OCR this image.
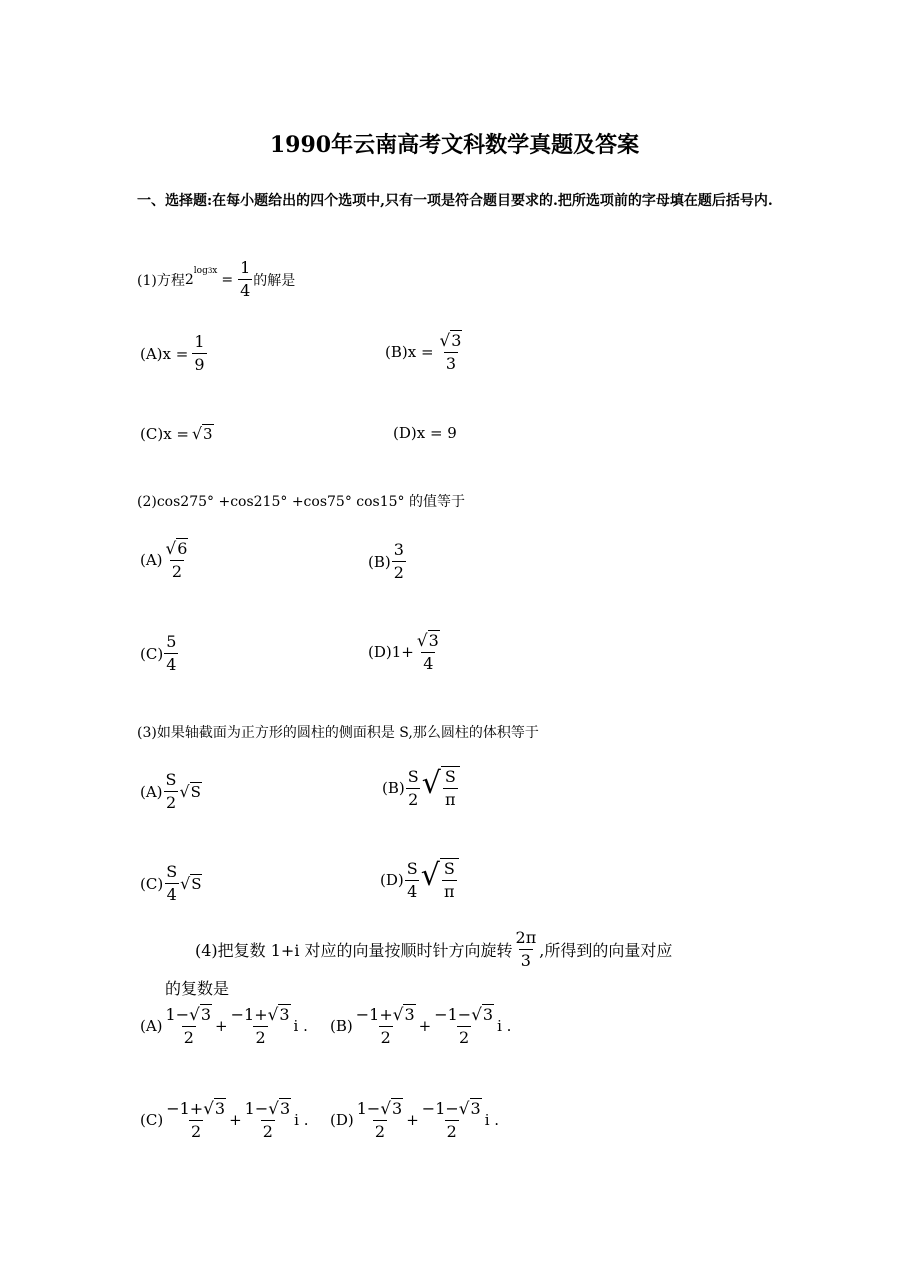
1990年云南高考文科数学真题及答案
一、选择题:在每小题给出的四个选项中,只有一项是符合题目要求的.把所选项前的字母填在题后括号内.
(1)方程 2
log3x
= $\frac{1}{4}$ 的解是
(A) $x = \frac{1}{9}$	(B) $x = \frac{√ 3}{3}$
(C) x = √ 3	(D)x = 9
(2)cos275° +cos215° +cos75° cos15° 的值等于
$(A) \frac{√ 6}{2}$	$(B) \frac{3}{2}$
$(C) \frac{5}{4}$	(D) $1+ \frac{√ 3}{4}$
(3)如果轴截面为正方形的圆柱的侧面积是 S,那么圆柱的体积等于
$(A) \frac{S}{2}$ √ S	$(B) \frac{S}{2}$ √ $\frac{S}{\pi}$
$(C) \frac{S}{4}$ √ S	$(D) \frac{S}{4}$ √ $\frac{S}{\pi}$
(4)把复数 1+i 对应的向量按顺时针方向旋转 $\frac{2\pi}{3}$ ,所得到的向量对应
的复数是
$(A) \frac{1- √ 3}{2} + \frac{-1+ √ 3}{2}$ i . $(B) \frac{-1+ √ 3}{2} + \frac{-1- √ 3}{2}$ i .
$(C) \frac{-1+ √ 3}{2} + \frac{1- √ 3}{2}$ i . $(D) \frac{1- √ 3}{2} + \frac{-1- √ 3}{2}$ i .
